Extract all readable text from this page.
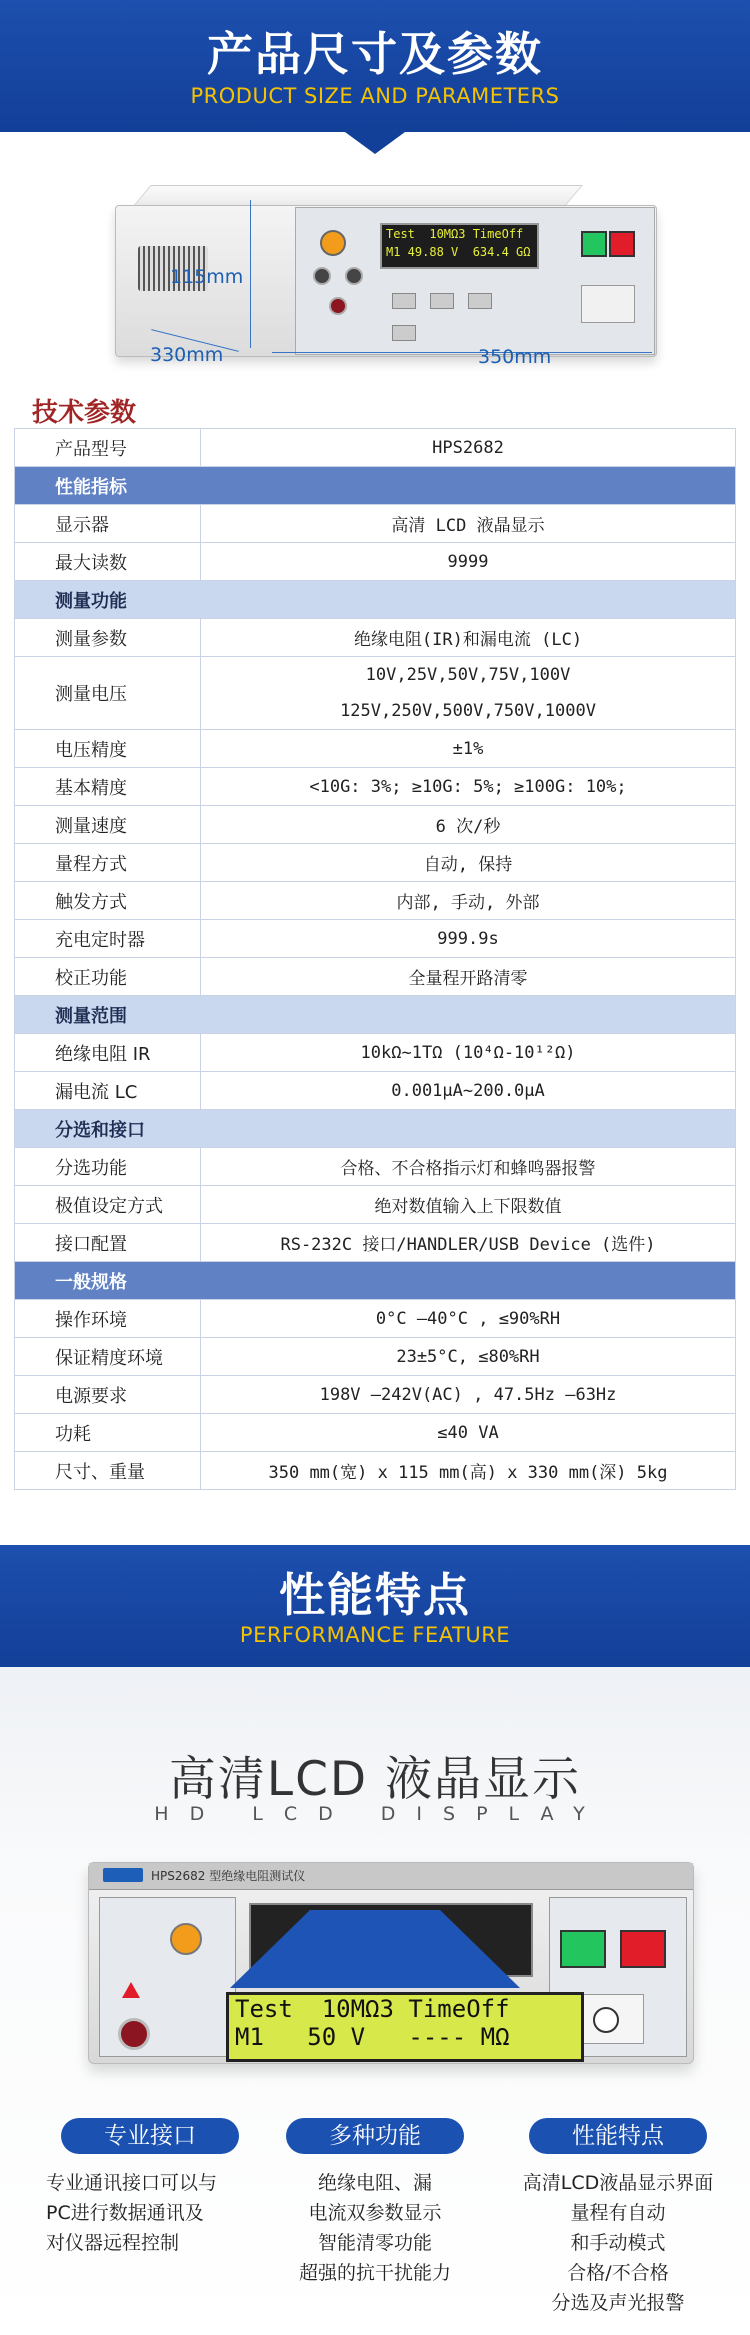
产品尺寸及参数
PRODUCT SIZE AND PARAMETERS
Test  10MΩ3 TimeOff
M1 49.88 V  634.4 GΩ
115mm
330mm	350mm
技术参数
产品型号	HPS2682
性能指标	
显示器	高清 LCD 液晶显示
最大读数	9999
测量功能	
测量参数	绝缘电阻(IR)和漏电流 (LC)
测量电压	10V,25V,50V,75V,100V
125V,250V,500V,750V,1000V

电压精度	±1%
基本精度	<10G: 3%; ≥10G: 5%; ≥100G: 10%;
测量速度	6 次/秒
量程方式	自动, 保持
触发方式	内部, 手动, 外部
充电定时器	999.9s
校正功能	全量程开路清零
测量范围	
绝缘电阻 IR	10kΩ~1TΩ (10⁴Ω-10¹²Ω)
漏电流 LC	0.001μA~200.0μA
分选和接口	
分选功能	合格、不合格指示灯和蜂鸣器报警
极值设定方式	绝对数值输入上下限数值
接口配置	RS-232C 接口/HANDLER/USB Device (选件)
一般规格	
操作环境	0°C —40°C , ≤90%RH
保证精度环境	23±5°C, ≤80%RH
电源要求	198V —242V(AC) , 47.5Hz —63Hz
功耗	≤40 VA
尺寸、重量	350 mm(宽) x 115 mm(高) x 330 mm(深) 5kg
性能特点
PERFORMANCE FEATURE
高清LCD 液晶显示
HD LCD DISPLAY
HPS2682 型绝缘电阻测试仪
Test  10MΩ3 TimeOff
M1   50 V   ---- MΩ
专业接口
专业通讯接口可以与
PC进行数据通讯及
对仪器远程控制
多种功能
绝缘电阻、漏
电流双参数显示
智能清零功能
超强的抗干扰能力
性能特点
高清LCD液晶显示界面
量程有自动
和手动模式
合格/不合格
分选及声光报警
